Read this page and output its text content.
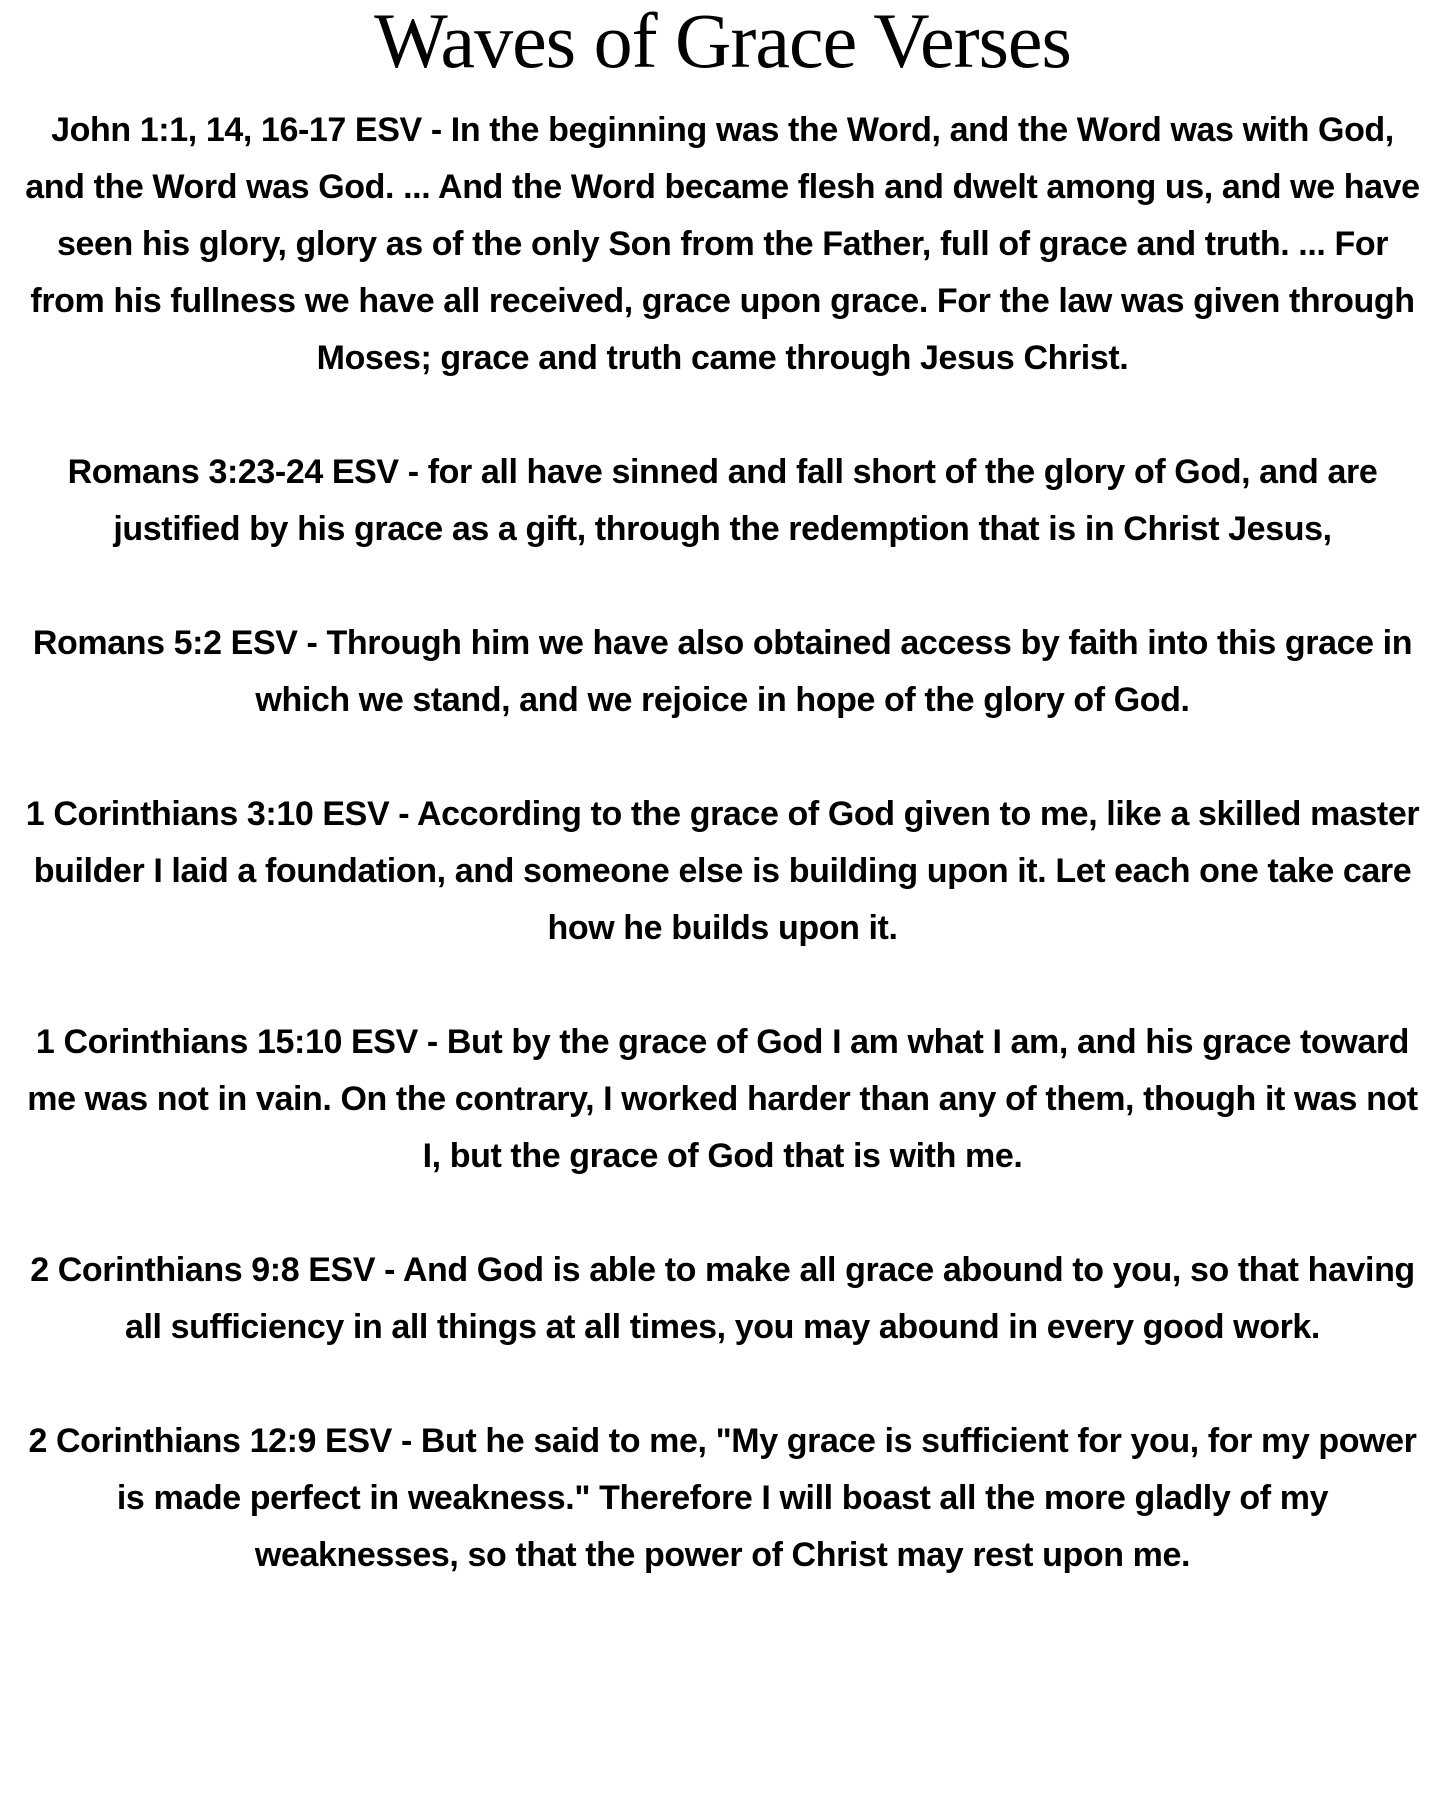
Waves of Grace Verses
John 1:1, 14, 16-17 ESV - In the beginning was the Word, and the Word was with God, and the Word was God. ... And the Word became flesh and dwelt among us, and we have seen his glory, glory as of the only Son from the Father, full of grace and truth. ... For from his fullness we have all received, grace upon grace. For the law was given through Moses; grace and truth came through Jesus Christ.
Romans 3:23-24 ESV - for all have sinned and fall short of the glory of God, and are justified by his grace as a gift, through the redemption that is in Christ Jesus,
Romans 5:2 ESV - Through him we have also obtained access by faith into this grace in which we stand, and we rejoice in hope of the glory of God.
1 Corinthians 3:10 ESV - According to the grace of God given to me, like a skilled master builder I laid a foundation, and someone else is building upon it. Let each one take care how he builds upon it.
1 Corinthians 15:10 ESV - But by the grace of God I am what I am, and his grace toward me was not in vain. On the contrary, I worked harder than any of them, though it was not I, but the grace of God that is with me.
2 Corinthians 9:8 ESV - And God is able to make all grace abound to you, so that having all sufficiency in all things at all times, you may abound in every good work.
2 Corinthians 12:9 ESV - But he said to me, "My grace is sufficient for you, for my power is made perfect in weakness." Therefore I will boast all the more gladly of my weaknesses, so that the power of Christ may rest upon me.
